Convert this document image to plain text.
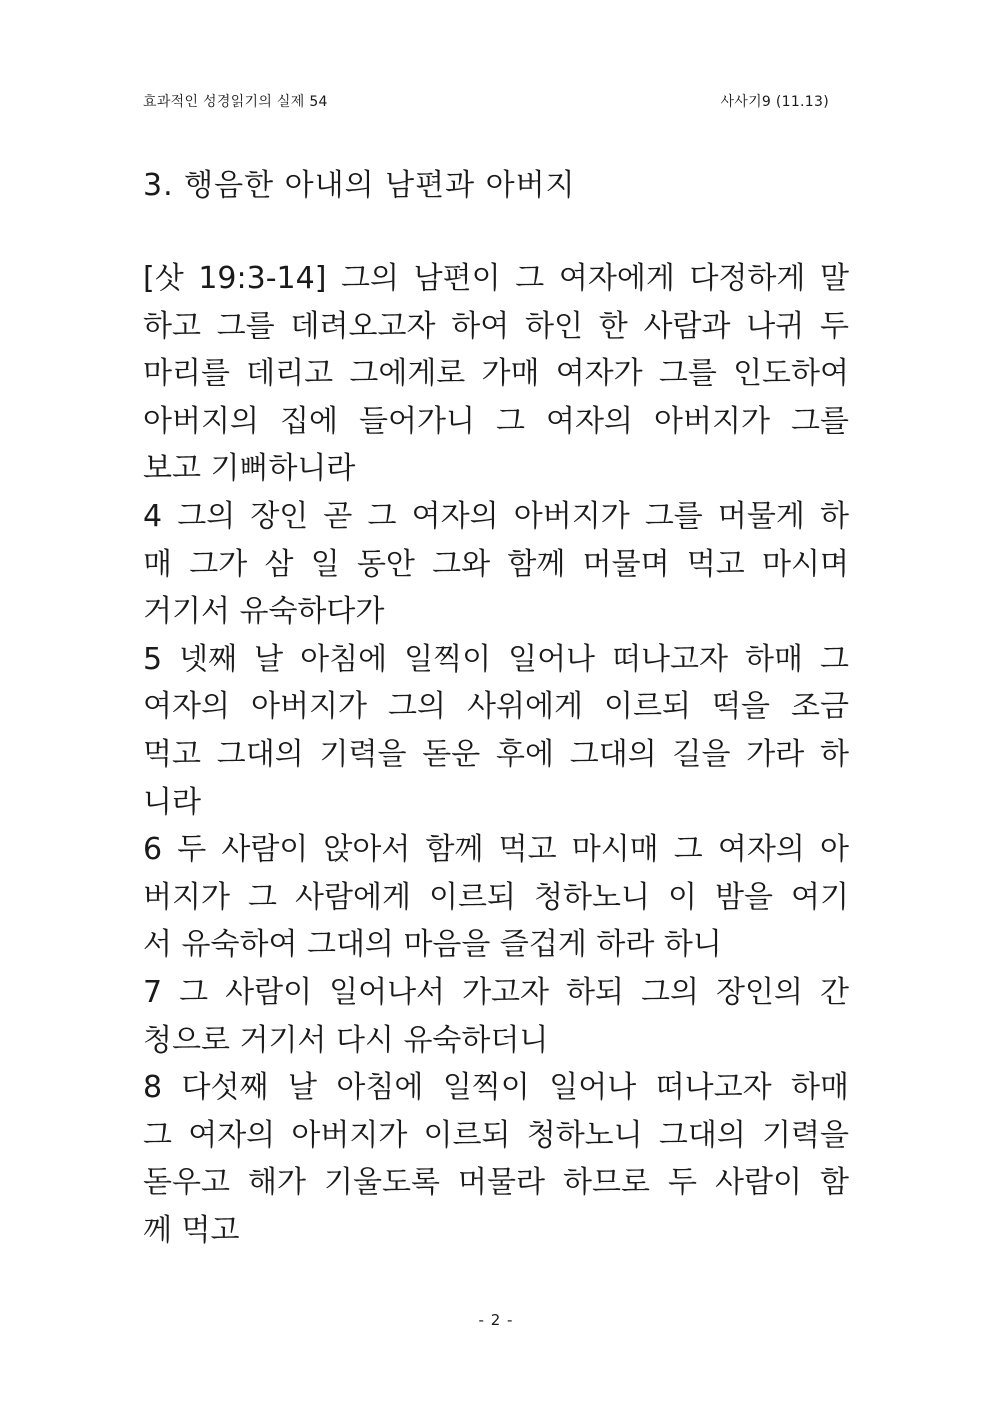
효과적인 성경읽기의 실제 54	사사기9 (11.13)
3. 행음한 아내의 남편과 아버지
[삿 19:3-14] 그의 남편이 그 여자에게 다정하게 말
하고 그를 데려오고자 하여 하인 한 사람과 나귀 두
마리를 데리고 그에게로 가매 여자가 그를 인도하여
아버지의 집에 들어가니 그 여자의 아버지가 그를
보고 기뻐하니라
4 그의 장인 곧 그 여자의 아버지가 그를 머물게 하
매 그가 삼 일 동안 그와 함께 머물며 먹고 마시며
거기서 유숙하다가
5 넷째 날 아침에 일찍이 일어나 떠나고자 하매 그
여자의 아버지가 그의 사위에게 이르되 떡을 조금
먹고 그대의 기력을 돋운 후에 그대의 길을 가라 하
니라
6 두 사람이 앉아서 함께 먹고 마시매 그 여자의 아
버지가 그 사람에게 이르되 청하노니 이 밤을 여기
서 유숙하여 그대의 마음을 즐겁게 하라 하니
7 그 사람이 일어나서 가고자 하되 그의 장인의 간
청으로 거기서 다시 유숙하더니
8 다섯째 날 아침에 일찍이 일어나 떠나고자 하매
그 여자의 아버지가 이르되 청하노니 그대의 기력을
돋우고 해가 기울도록 머물라 하므로 두 사람이 함
께 먹고
- 2 -
